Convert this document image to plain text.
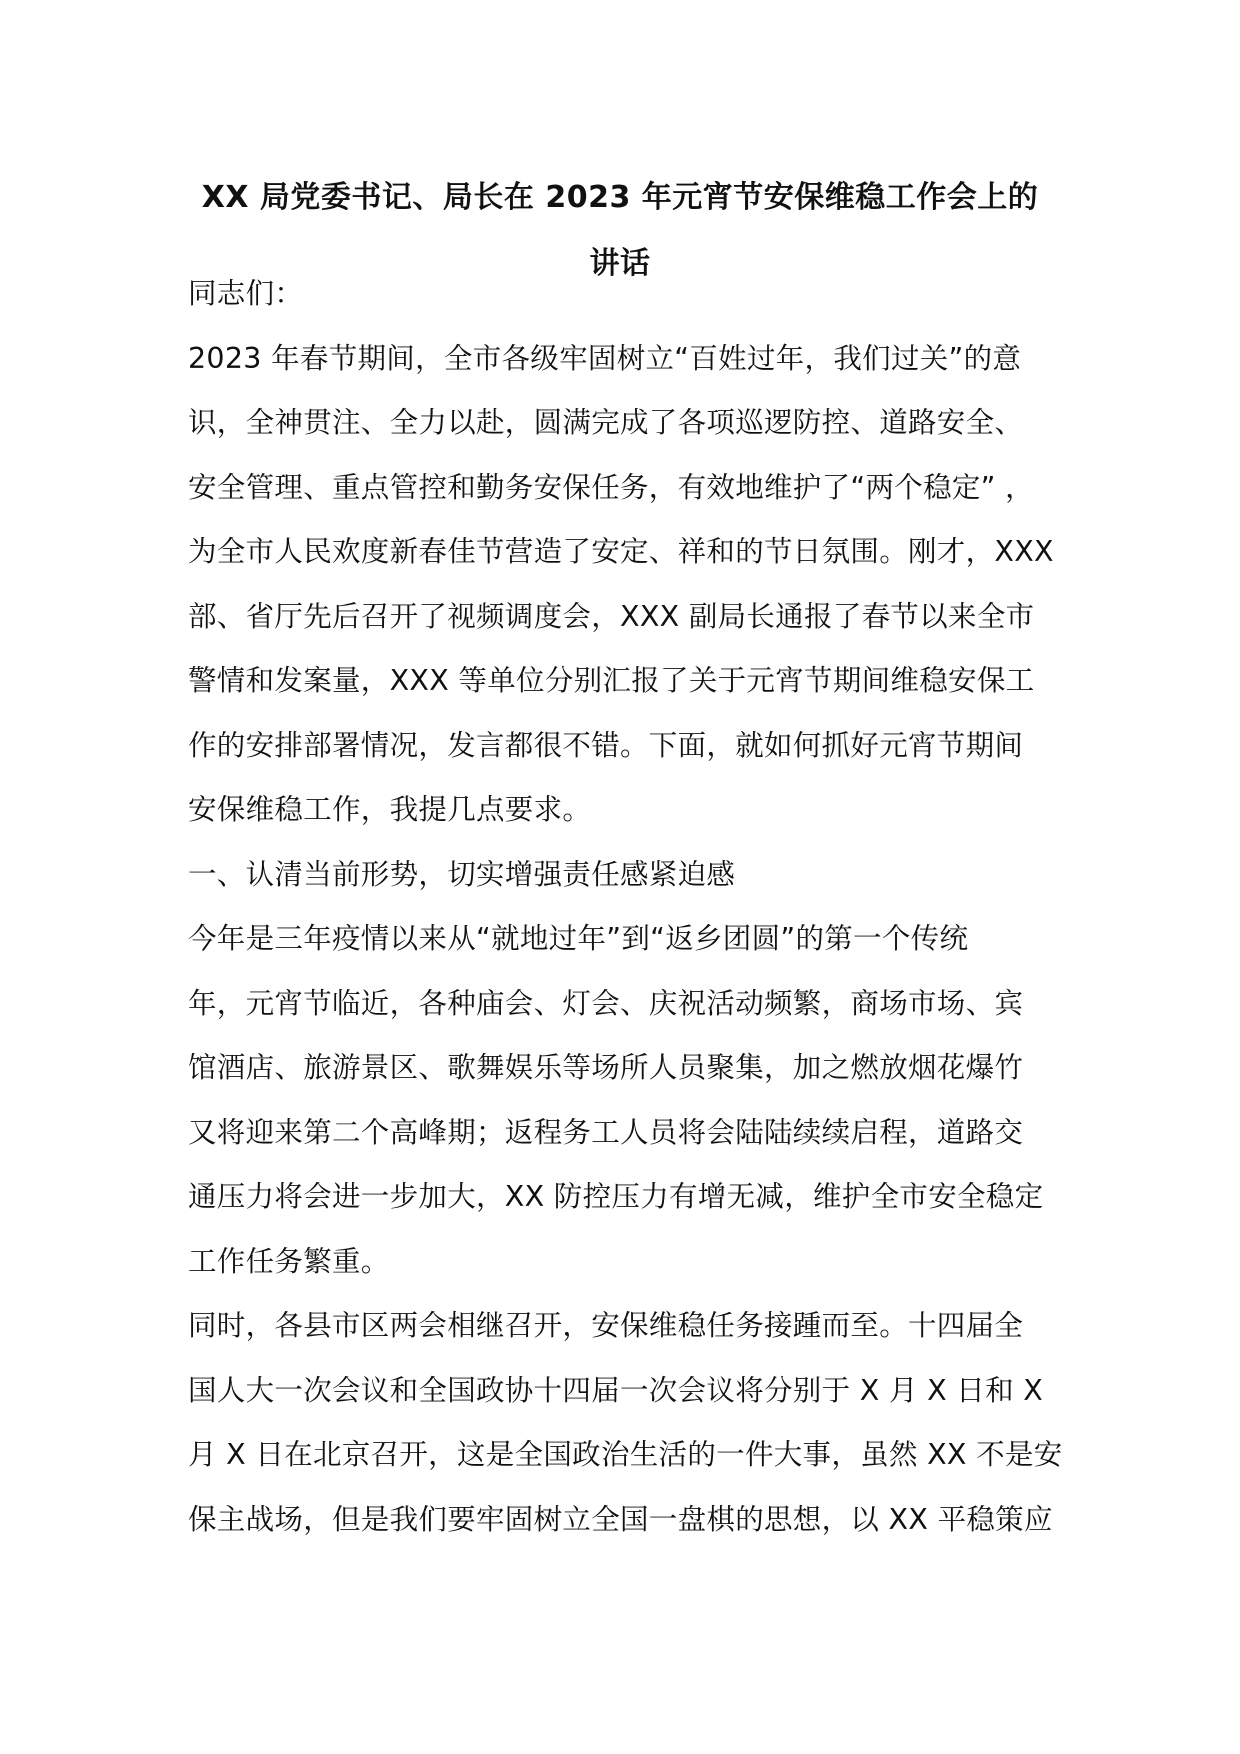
XX 局党委书记、局长在 2023 年元宵节安保维稳工作会上的
讲话
同志们：
2023 年春节期间，全市各级牢固树立“百姓过年，我们过关”的意
识，全神贯注、全力以赴，圆满完成了各项巡逻防控、道路安全、
安全管理、重点管控和勤务安保任务，有效地维护了“两个稳定” ，
为全市人民欢度新春佳节营造了安定、祥和的节日氛围。刚才，XXX
部、省厅先后召开了视频调度会，XXX 副局长通报了春节以来全市
警情和发案量，XXX 等单位分别汇报了关于元宵节期间维稳安保工
作的安排部署情况，发言都很不错。下面，就如何抓好元宵节期间
安保维稳工作，我提几点要求。
一、认清当前形势，切实增强责任感紧迫感
今年是三年疫情以来从“就地过年”到“返乡团圆”的第一个传统
年，元宵节临近，各种庙会、灯会、庆祝活动频繁，商场市场、宾
馆酒店、旅游景区、歌舞娱乐等场所人员聚集，加之燃放烟花爆竹
又将迎来第二个高峰期；返程务工人员将会陆陆续续启程，道路交
通压力将会进一步加大，XX 防控压力有增无减，维护全市安全稳定
工作任务繁重。
同时，各县市区两会相继召开，安保维稳任务接踵而至。十四届全
国人大一次会议和全国政协十四届一次会议将分别于 X 月 X 日和 X
月 X 日在北京召开，这是全国政治生活的一件大事，虽然 XX 不是安
保主战场，但是我们要牢固树立全国一盘棋的思想，以 XX 平稳策应
